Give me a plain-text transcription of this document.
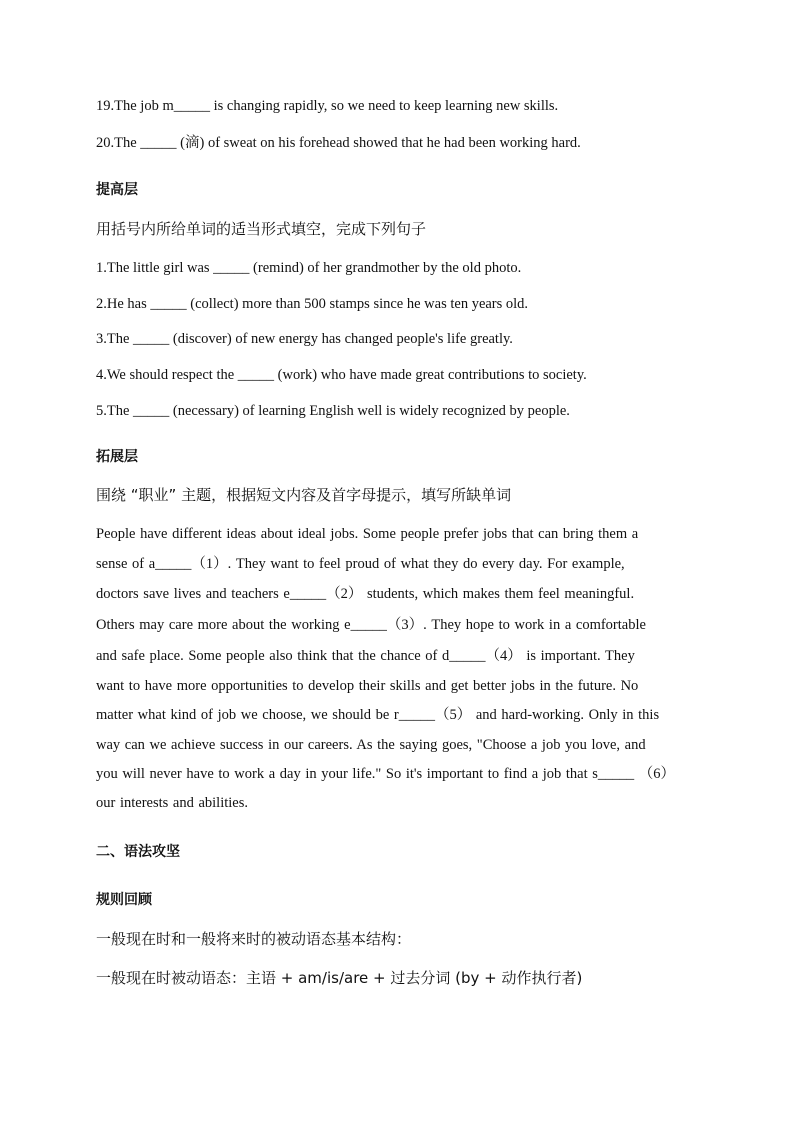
19.The job m_____ is changing rapidly, so we need to keep learning new skills.
20.The _____ (滴) of sweat on his forehead showed that he had been working hard.
提高层
用括号内所给单词的适当形式填空，完成下列句子
1.The little girl was _____ (remind) of her grandmother by the old photo.
2.He has _____ (collect) more than 500 stamps since he was ten years old.
3.The _____ (discover) of new energy has changed people's life greatly.
4.We should respect the _____ (work) who have made great contributions to society.
5.The _____ (necessary) of learning English well is widely recognized by people.
拓展层
围绕 “职业” 主题，根据短文内容及首字母提示，填写所缺单词
People have different ideas about ideal jobs. Some people prefer jobs that can bring them a
sense of a_____（1）. They want to feel proud of what they do every day. For example,
doctors save lives and teachers e_____（2） students, which makes them feel meaningful.
Others may care more about the working e_____（3）. They hope to work in a comfortable
and safe place. Some people also think that the chance of d_____（4） is important. They
want to have more opportunities to develop their skills and get better jobs in the future. No
matter what kind of job we choose, we should be r_____（5） and hard-working. Only in this
way can we achieve success in our careers. As the saying goes, "Choose a job you love, and
you will never have to work a day in your life." So it's important to find a job that s_____ （6）
our interests and abilities.
二、语法攻坚
规则回顾
一般现在时和一般将来时的被动语态基本结构：
一般现在时被动语态：主语 + am/is/are + 过去分词 (by + 动作执行者)
